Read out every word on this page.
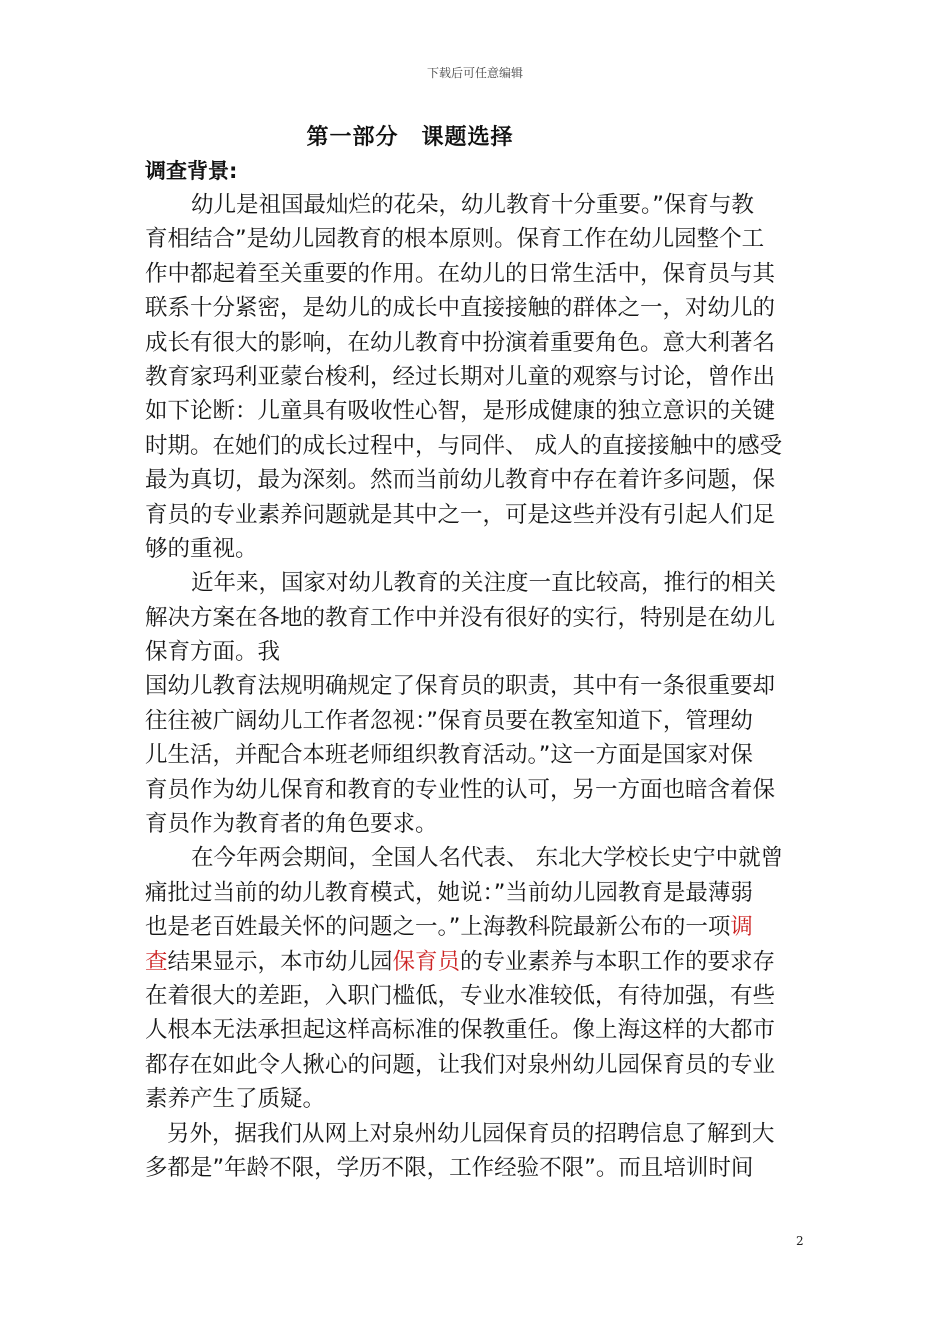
下载后可任意编辑
第一部分　课题选择
调查背景:
幼儿是祖国最灿烂的花朵，幼儿教育十分重要。”保育与教
育相结合”是幼儿园教育的根本原则。保育工作在幼儿园整个工
作中都起着至关重要的作用。在幼儿的日常生活中，保育员与其
联系十分紧密，是幼儿的成长中直接接触的群体之一，对幼儿的
成长有很大的影响，在幼儿教育中扮演着重要角色。意大利著名
教育家玛利亚蒙台梭利，经过长期对儿童的观察与讨论，曾作出
如下论断：儿童具有吸收性心智，是形成健康的独立意识的关键
时期。在她们的成长过程中，与同伴、 成人的直接接触中的感受
最为真切，最为深刻。然而当前幼儿教育中存在着许多问题，保
育员的专业素养问题就是其中之一，可是这些并没有引起人们足
够的重视。
近年来，国家对幼儿教育的关注度一直比较高，推行的相关
解决方案在各地的教育工作中并没有很好的实行，特别是在幼儿
保育方面。我
国幼儿教育法规明确规定了保育员的职责，其中有一条很重要却
往往被广阔幼儿工作者忽视：”保育员要在教室知道下，管理幼
儿生活，并配合本班老师组织教育活动。”这一方面是国家对保
育员作为幼儿保育和教育的专业性的认可，另一方面也暗含着保
育员作为教育者的角色要求。
在今年两会期间，全国人名代表、 东北大学校长史宁中就曾
痛批过当前的幼儿教育模式，她说：”当前幼儿园教育是最薄弱
也是老百姓最关怀的问题之一。”上海教科院最新公布的一项调
查结果显示，本市幼儿园保育员的专业素养与本职工作的要求存
在着很大的差距，入职门槛低，专业水准较低，有待加强，有些
人根本无法承担起这样高标准的保教重任。像上海这样的大都市
都存在如此令人揪心的问题，让我们对泉州幼儿园保育员的专业
素养产生了质疑。
另外，据我们从网上对泉州幼儿园保育员的招聘信息了解到大
多都是”年龄不限，学历不限，工作经验不限”。而且培训时间
2
